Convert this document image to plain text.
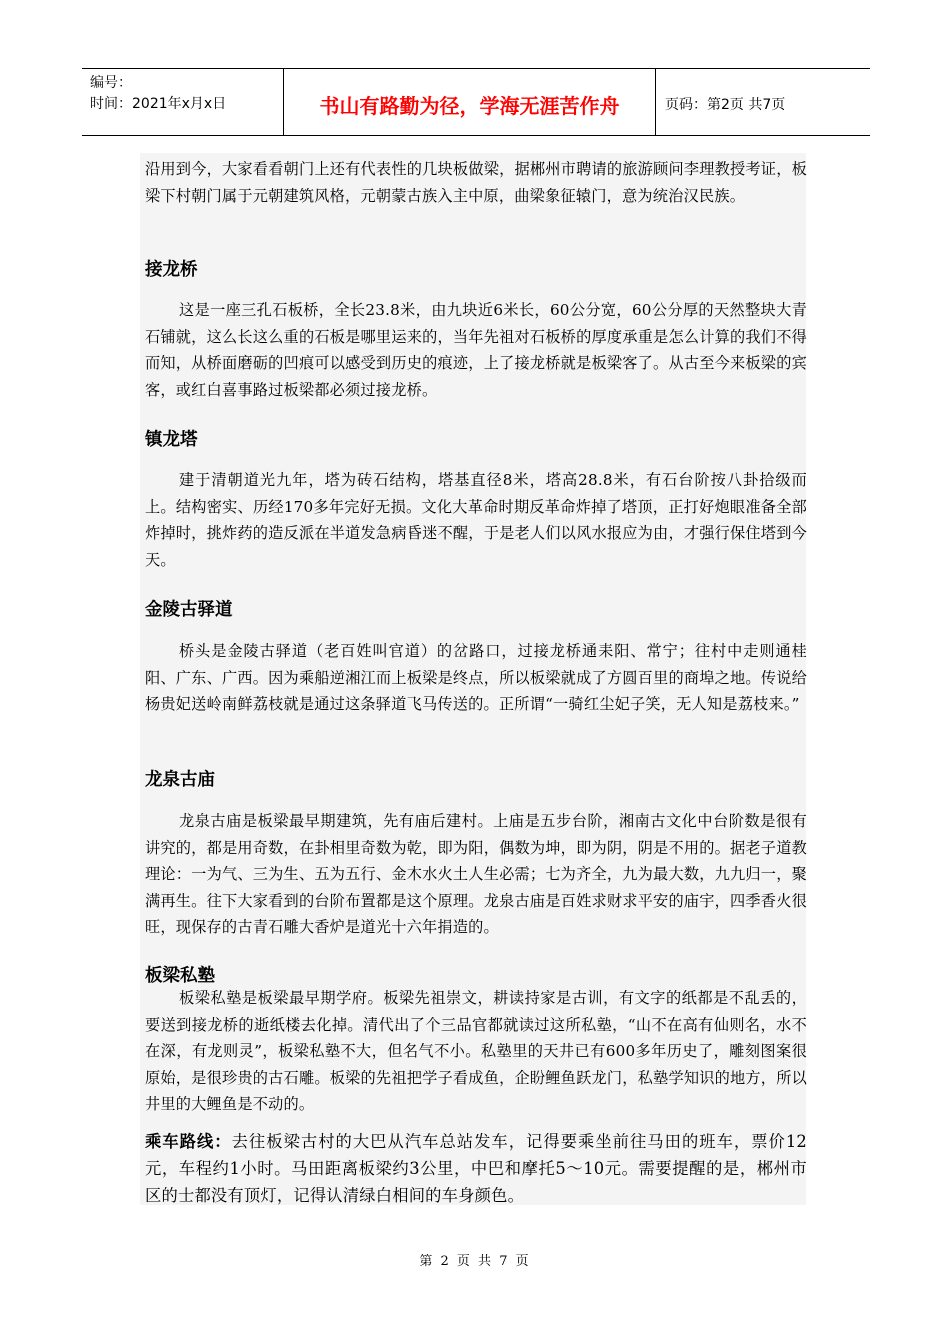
编号：
时间：2021年x月x日	书山有路勤为径，学海无涯苦作舟	页码：第2页 共7页

沿用到今，大家看看朝门上还有代表性的几块板做梁，据郴州市聘请的旅游顾问李理教授考证，板梁下村朝门属于元朝建筑风格，元朝蒙古族入主中原，曲梁象征辕门，意为统治汉民族。

接龙桥

这是一座三孔石板桥，全长23.8米，由九块近6米长，60公分宽，60公分厚的天然整块大青石铺就，这么长这么重的石板是哪里运来的，当年先祖对石板桥的厚度承重是怎么计算的我们不得而知，从桥面磨砺的凹痕可以感受到历史的痕迹，上了接龙桥就是板梁客了。从古至今来板梁的宾客，或红白喜事路过板梁都必须过接龙桥。

镇龙塔

建于清朝道光九年，塔为砖石结构，塔基直径8米，塔高28.8米，有石台阶按八卦拾级而上。结构密实、历经170多年完好无损。文化大革命时期反革命炸掉了塔顶，正打好炮眼准备全部炸掉时，挑炸药的造反派在半道发急病昏迷不醒，于是老人们以风水报应为由，才强行保住塔到今天。

金陵古驿道

桥头是金陵古驿道（老百姓叫官道）的岔路口，过接龙桥通耒阳、常宁；往村中走则通桂阳、广东、广西。因为乘船逆湘江而上板梁是终点，所以板梁就成了方圆百里的商埠之地。传说给杨贵妃送岭南鲜荔枝就是通过这条驿道飞马传送的。正所谓“一骑红尘妃子笑，无人知是荔枝来。”

龙泉古庙

龙泉古庙是板梁最早期建筑，先有庙后建村。上庙是五步台阶，湘南古文化中台阶数是很有讲究的，都是用奇数，在卦相里奇数为乾，即为阳，偶数为坤，即为阴，阴是不用的。据老子道教理论：一为气、三为生、五为五行、金木水火土人生必需；七为齐全，九为最大数，九九归一，聚满再生。往下大家看到的台阶布置都是这个原理。龙泉古庙是百姓求财求平安的庙宇，四季香火很旺，现保存的古青石雕大香炉是道光十六年捐造的。

板梁私塾

板梁私塾是板梁最早期学府。板梁先祖崇文，耕读持家是古训，有文字的纸都是不乱丢的，要送到接龙桥的逝纸楼去化掉。清代出了个三品官都就读过这所私塾，“山不在高有仙则名，水不在深，有龙则灵”，板梁私塾不大，但名气不小。私塾里的天井已有600多年历史了，雕刻图案很原始，是很珍贵的古石雕。板梁的先祖把学子看成鱼，企盼鲤鱼跃龙门，私塾学知识的地方，所以井里的大鲤鱼是不动的。

乘车路线：去往板梁古村的大巴从汽车总站发车，记得要乘坐前往马田的班车，票价12元，车程约1小时。马田距离板梁约3公里，中巴和摩托5～10元。需要提醒的是，郴州市区的士都没有顶灯，记得认清绿白相间的车身颜色。

第 2 页 共 7 页
